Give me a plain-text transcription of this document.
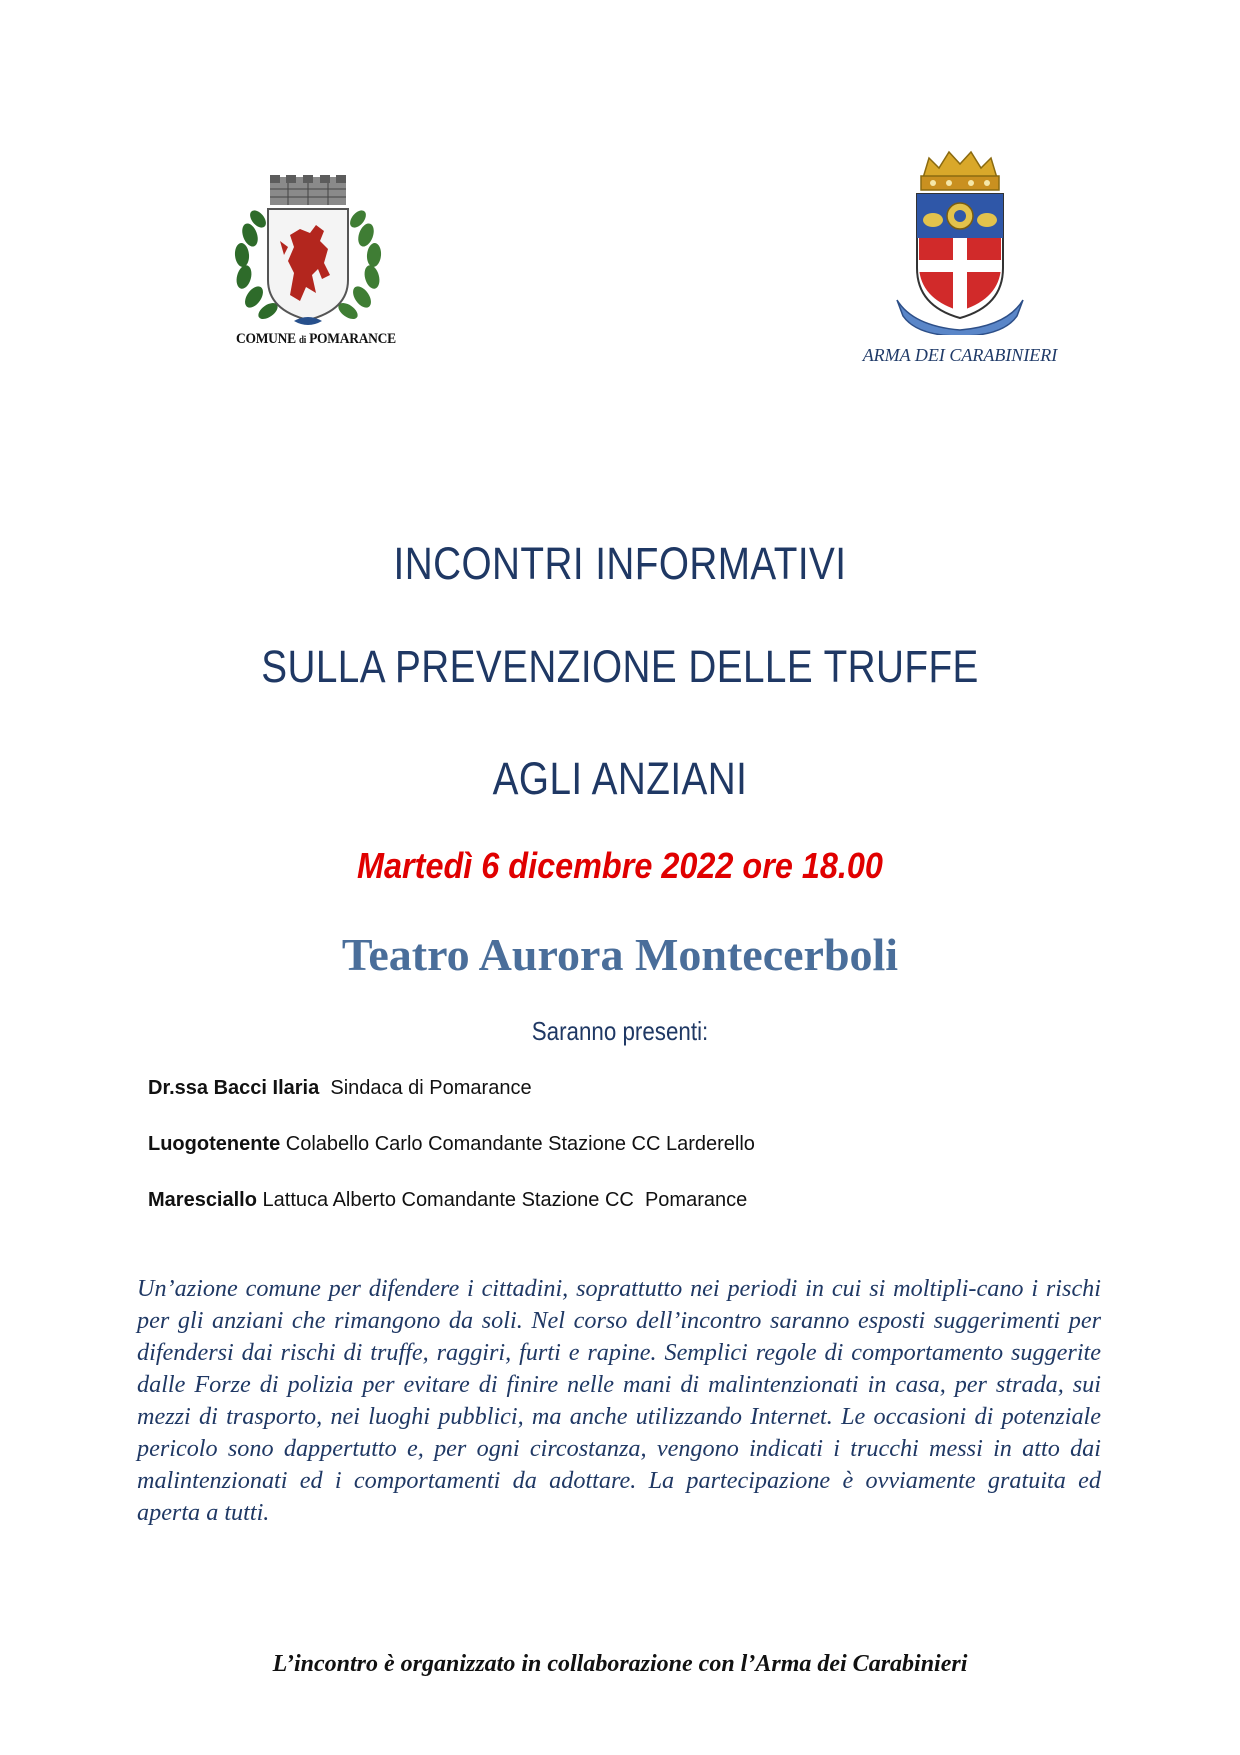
COMUNE di POMARANCE
ARMA DEI CARABINIERI
INCONTRI INFORMATIVI
SULLA PREVENZIONE DELLE TRUFFE
AGLI ANZIANI
Martedì 6 dicembre 2022 ore 18.00
Teatro Aurora Montecerboli
Saranno presenti:
Dr.ssa Bacci Ilaria  Sindaca di Pomarance
Luogotenente Colabello Carlo Comandante Stazione CC Larderello
Maresciallo Lattuca Alberto Comandante Stazione CC  Pomarance
Un’azione comune per difendere i cittadini, soprattutto nei periodi in cui si moltipli-cano i rischi per gli anziani che rimangono da soli. Nel corso dell’incontro saranno esposti suggerimenti per difendersi dai rischi di truffe, raggiri, furti e rapine. Semplici regole di comportamento suggerite dalle Forze di polizia per evitare di finire nelle mani di malintenzionati in casa, per strada, sui mezzi di trasporto, nei luoghi pubblici, ma anche utilizzando Internet. Le occasioni di potenziale pericolo sono dappertutto e, per ogni circostanza, vengono indicati i trucchi messi in atto dai malintenzionati ed i comportamenti da adottare. La partecipazione è ovviamente gratuita ed aperta a tutti.
L’incontro è organizzato in collaborazione con l’Arma dei Carabinieri
